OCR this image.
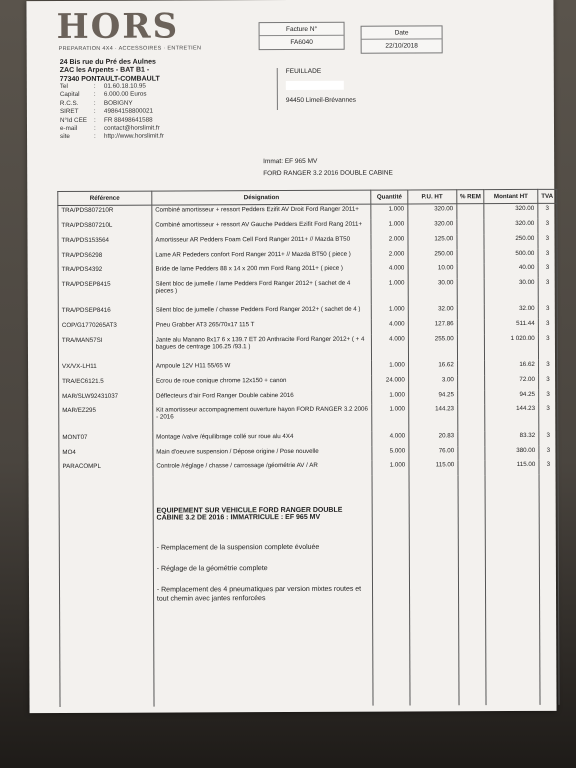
HORS
PREPARATION 4X4 · ACCESSOIRES · ENTRETIEN
24 Bis rue du Pré des Aulnes
ZAC les Arpents - BAT B1 -
77340 PONTAULT-COMBAULT
Tel	:	01.60.18.10.95
Capital	:	6.000.00 Euros
R.C.S.	:	BOBIGNY
SIRET	:	49864158800021
N°Id CEE	:	FR 88498641588
e-mail	:	contact@horslimit.fr
site	:	http://www.horslimit.fr
Facture N°
FA6040
Date
22/10/2018
FEUILLADE
94450 Limeil-Brévannes
Immat: EF 965 MV
FORD RANGER 3.2 2016 DOUBLE CABINE
Référence	Désignation	Quantité	P.U. HT	% REM	Montant HT	TVA
TRA/PDS807210R	Combiné amortisseur + ressort Pedders Ezifit AV Droit Ford Ranger 2011+	1.000	320.00		320.00	3
TRA/PDS807210L	Combiné amortisseur + ressort AV Gauche Pedders Ezifit Ford Rang 2011+	1.000	320.00		320.00	3
TRA/PDS153564	Amortisseur AR Pedders Foam Cell Ford Ranger 2011+ // Mazda BT50	2.000	125.00		250.00	3
TRA/PDS6298	Lame AR Pededers confort Ford Ranger 2011+ // Mazda BT50 ( piece )	2.000	250.00		500.00	3
TRA/PDS4392	Bride de lame Pedders 88 x 14 x 200 mm Ford Rang 2011+ ( piece )	4.000	10.00		40.00	3
TRA/PDSEP8415	Silent bloc de jumelle / lame Pedders Ford Ranger 2012+ ( sachet de 4 pieces )	1.000	30.00		30.00	3
TRA/PDSEP8416	Silent bloc de jumelle / chasse Pedders Ford Ranger 2012+ ( sachet de 4 )	1.000	32.00		32.00	3
COP/G1770265AT3	Pneu Grabber AT3 265/70x17 115 T	4.000	127.86		511.44	3
TRA/MAN57SI	Jante alu Manano 8x17 6 x 139.7 ET 20 Anthracite Ford Ranger 2012+ ( + 4 bagues de centrage 106.25 /93.1 )	4.000	255.00		1 020.00	3
VX/VX-LH11	Ampoule 12V H11 55/65 W	1.000	16.62		16.62	3
TRA/EC6121.5	Ecrou de roue conique chrome 12x150 + canon	24.000	3.00		72.00	3
MAR/SLW92431037	Déflecteurs d'air Ford Ranger Double cabine 2016	1.000	94.25		94.25	3
MAR/EZ295	Kit amortisseur accompagnement ouverture hayon FORD RANGER 3.2 2006 - 2016	1.000	144.23		144.23	3
MONT07	Montage /valve /équilibrage collé sur roue alu 4X4	4.000	20.83		83.32	3
MO4	Main d'oeuvre suspension / Dépose origine / Pose nouvelle	5.000	76.00		380.00	3
PARACOMPL	Controle /réglage / chasse / carrossage /géométrie AV / AR	1.000	115.00		115.00	3

	EQUIPEMENT SUR VEHICULE FORD RANGER DOUBLE CABINE 3.2 DE 2016 : IMMATRICULE : EF 965 MV
- Remplacement de la suspension complete évoluée
- Réglage de la géométrie complete
- Remplacement des 4 pneumatiques par version mixtes routes et tout chemin avec jantes renforcées					
